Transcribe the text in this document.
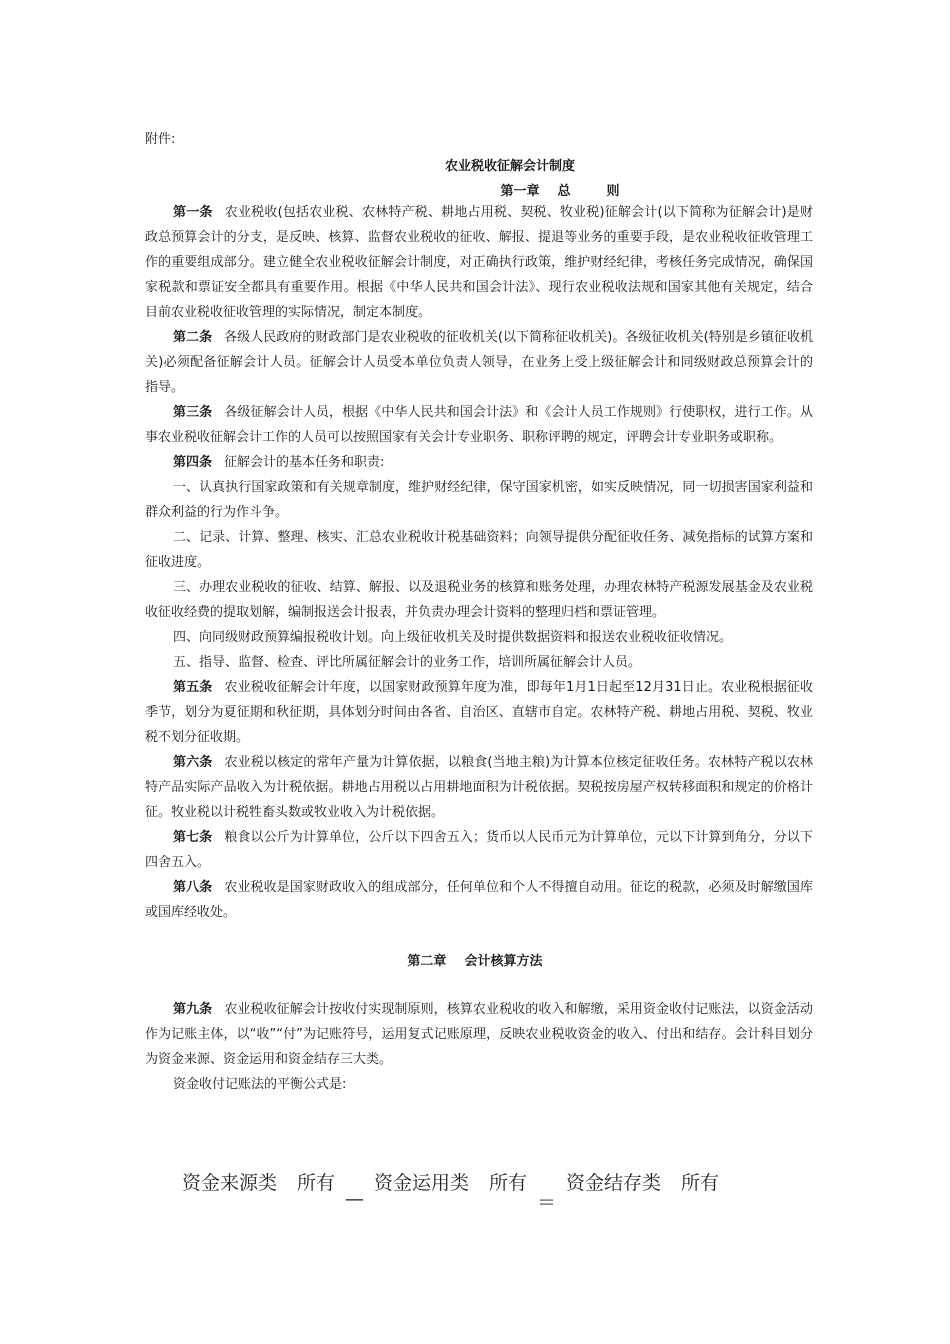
附件:
农业税收征解会计制度
第一章 总	则

第一条 农业税收(包括农业税、农林特产税、耕地占用税、契税、牧业税)征解会计(以下简称为征解会计)是财政总预算会计的分支，是反映、核算、监督农业税收的征收、解报、提退等业务的重要手段，是农业税收征收管理工作的重要组成部分。建立健全农业税收征解会计制度，对正确执行政策，维护财经纪律，考核任务完成情况，确保国家税款和票证安全都具有重要作用。根据《中华人民共和国会计法》、现行农业税收法规和国家其他有关规定，结合目前农业税收征收管理的实际情况，制定本制度。

第二条 各级人民政府的财政部门是农业税收的征收机关(以下简称征收机关)。各级征收机关(特别是乡镇征收机关)必须配备征解会计人员。征解会计人员受本单位负责人领导，在业务上受上级征解会计和同级财政总预算会计的指导。

第三条 各级征解会计人员，根据《中华人民共和国会计法》和《会计人员工作规则》行使职权，进行工作。从事农业税收征解会计工作的人员可以按照国家有关会计专业职务、职称评聘的规定，评聘会计专业职务或职称。

第四条 征解会计的基本任务和职责:

一、认真执行国家政策和有关规章制度，维护财经纪律，保守国家机密，如实反映情况，同一切损害国家利益和群众利益的行为作斗争。

二、记录、计算、整理、核实、汇总农业税收计税基础资料；向领导提供分配征收任务、减免指标的试算方案和征收进度。

三、办理农业税收的征收、结算、解报、以及退税业务的核算和账务处理，办理农林特产税源发展基金及农业税收征收经费的提取划解，编制报送会计报表，并负责办理会计资料的整理归档和票证管理。

四、向同级财政预算编报税收计划。向上级征收机关及时提供数据资料和报送农业税收征收情况。

五、指导、监督、检查、评比所属征解会计的业务工作，培训所属征解会计人员。

第五条 农业税收征解会计年度，以国家财政预算年度为准，即每年1月1日起至12月31日止。农业税根据征收季节，划分为夏征期和秋征期，具体划分时间由各省、自治区、直辖市自定。农林特产税、耕地占用税、契税、牧业税不划分征收期。

第六条 农业税以核定的常年产量为计算依据，以粮食(当地主粮)为计算本位核定征收任务。农林特产税以农林特产品实际产品收入为计税依据。耕地占用税以占用耕地面积为计税依据。契税按房屋产权转移面积和规定的价格计征。牧业税以计税牲畜头数或牧业收入为计税依据。

第七条 粮食以公斤为计算单位，公斤以下四舍五入；货币以人民币元为计算单位，元以下计算到角分，分以下四舍五入。

第八条 农业税收是国家财政收入的组成部分，任何单位和个人不得擅自动用。征讫的税款，必须及时解缴国库或国库经收处。

第二章 会计核算方法

第九条 农业税收征解会计按收付实现制原则，核算农业税收的收入和解缴，采用资金收付记账法，以资金活动作为记账主体，以“收”“付”为记账符号，运用复式记账原理，反映农业税收资金的收入、付出和结存。会计科目划分为资金来源、资金运用和资金结存三大类。

资金收付记账法的平衡公式是:

资金来源类 所有 资金运用类 所有 资金结存类 所有
—	＝
